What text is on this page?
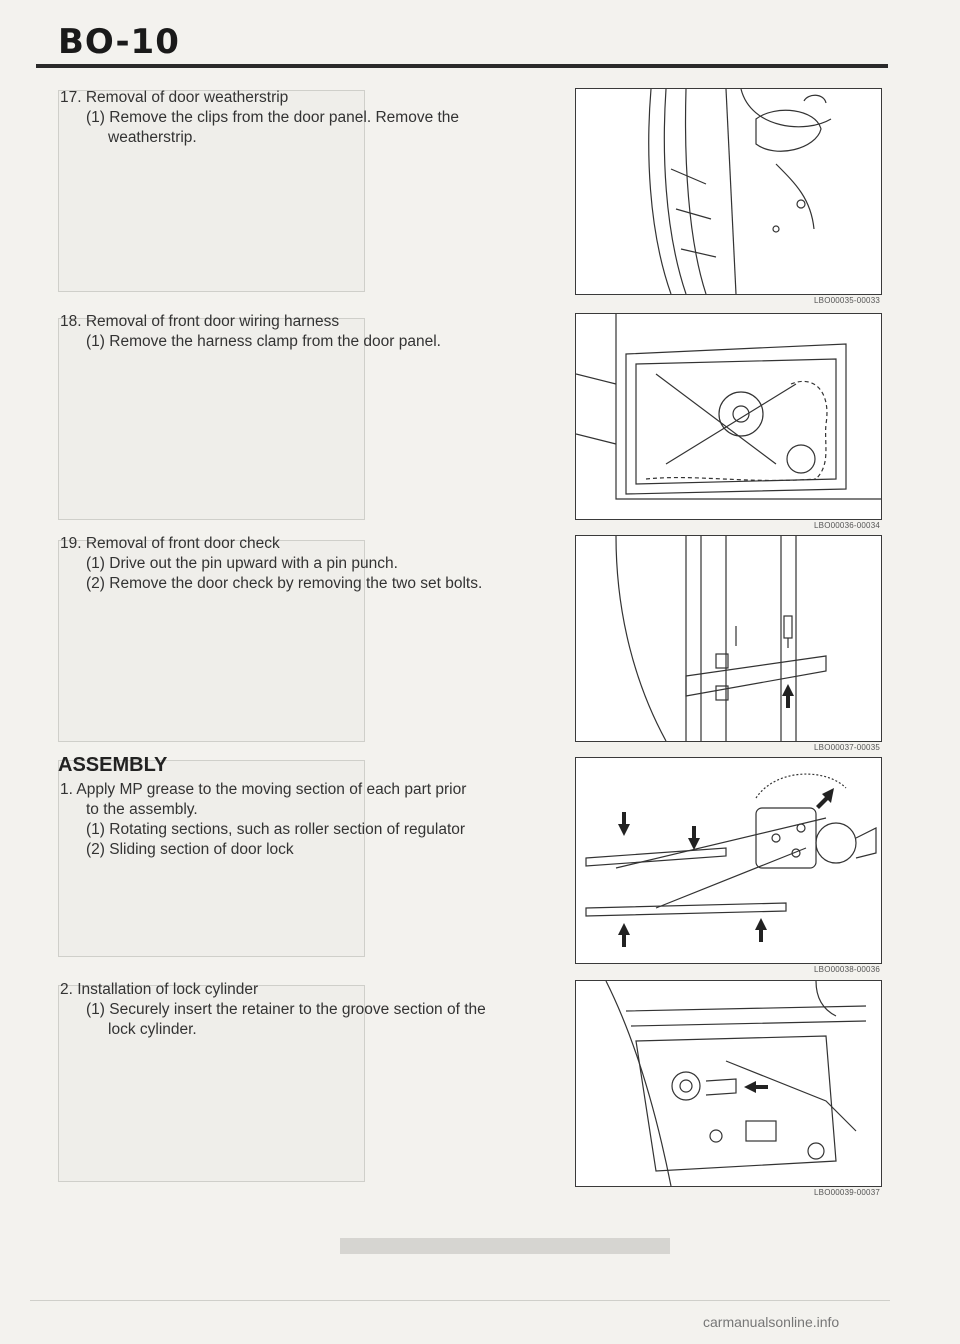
BO-10

17. Removal of door weatherstrip

(1) Remove the clips from the door panel. Remove the

weatherstrip.

18. Removal of front door wiring harness

(1) Remove the harness clamp from the door panel.

19. Removal of front door check

(1) Drive out the pin upward with a pin punch.

(2) Remove the door check by removing the two set bolts.

ASSEMBLY

1. Apply MP grease to the moving section of each part prior

to the assembly.

(1) Rotating sections, such as roller section of regulator

(2) Sliding section of door lock

2. Installation of lock cylinder

(1) Securely insert the retainer to the groove section of the

lock cylinder.

LBO00035-00033
LBO00036-00034
LBO00037-00035
LBO00038-00036
LBO00039-00037
carmanualsonline.info
